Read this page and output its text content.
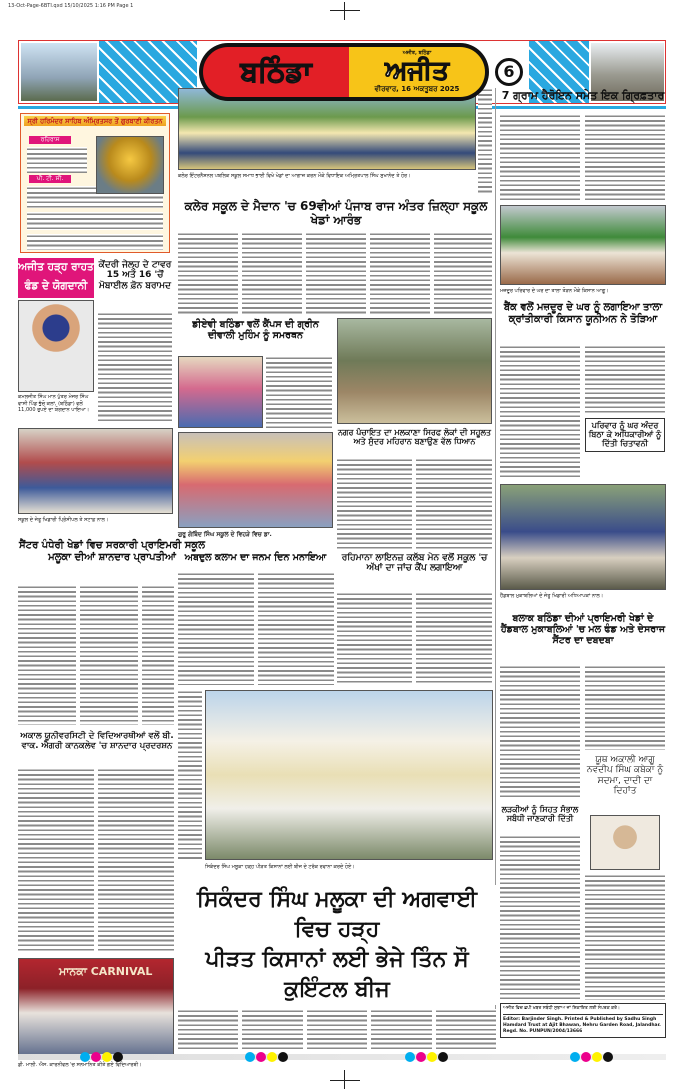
13-Oct-Page-6BTI.qxd 15/10/2025 1:16 PM Page 1
ਬਠਿੰਡਾ
ਅਜੀਤ, ਬਠਿੰਡਾ
ਅਜੀਤ
ਵੀਰਵਾਰ, 16 ਅਕਤੂਬਰ 2025
6
ਸ੍ਰੀ ਹਰਿਮੰਦਰ ਸਾਹਿਬ ਅੰਮ੍ਰਿਤਸਰ ਤੋਂ ਗੁਰਬਾਣੀ ਕੀਰਤਨ
ਰਹਿਰਾਸ
ਪੀ. ਟੀ. ਸੀ.
ਅਜੀਤ ਹੜ੍ਹ ਰਾਹਤ
ਫੰਡ ਦੇ ਯੋਗਦਾਨੀ
ਕਮਲਜੀਤ ਸਿੰਘ ਮਾਨ ਪੁੱਤਰ ਮੇਜਰ ਸਿੰਘ ਵਾਸੀ ਪਿੰਡ ਭੁੱਚੋ ਕਲਾਂ, (ਬਠਿੰਡਾ) ਵਲੋਂ 11,000 ਰੁਪਏ ਦਾ ਯੋਗਦਾਨ ਪਾਇਆ।
ਕੇਂਦਰੀ ਜੇਲ੍ਹ ਦੇ ਟਾਵਰ
15 ਅਤੇ 16 'ਚੋਂ
ਮੋਬਾਈਲ ਫ਼ੋਨ ਬਰਾਮਦ
ਸਕੂਲ ਦੇ ਜੇਤੂ ਖਿਡਾਰੀ ਪ੍ਰਿੰਸੀਪਲ ਤੇ ਸਟਾਫ਼ ਨਾਲ।
ਸੈਂਟਰ ਪੰਧੇਰੀ ਖੇਡਾਂ ਵਿਚ ਸਰਕਾਰੀ ਪ੍ਰਾਇਮਰੀ ਸਕੂਲ ਮਲੂਕਾ ਦੀਆਂ ਸ਼ਾਨਦਾਰ ਪ੍ਰਾਪਤੀਆਂ
ਅਕਾਲ ਯੂਨੀਵਰਸਿਟੀ ਦੇ ਵਿਦਿਆਰਥੀਆਂ ਵਲੋਂ ਬੀ. ਵਾਕ. ਐਗਰੀ ਕਾਨਕਲੇਵ 'ਚ ਸ਼ਾਨਦਾਰ ਪ੍ਰਦਰਸ਼ਨ
ਮਾਨਕਾ CARNIVAL
ਡੀ. ਮਾਲੀ. ਐਸ. ਕਾਰਨੀਵਲ 'ਚ ਸਨਮਾਨਿਤ ਕੀਤੇ ਗਏ ਵਿਦਿਆਰਥੀ।
ਕਲੇਰ ਇੰਟਰਨੈਸ਼ਨਲ ਪਬਲਿਕ ਸਕੂਲ ਸਮਾਧ ਭਾਈ ਵਿਖੇ ਖੇਡਾਂ ਦਾ ਆਗਾਜ਼ ਕਰਨ ਮੌਕੇ ਵਿਧਾਇਕ ਅਮ੍ਰਿਤਪਾਲ ਸਿੰਘ ਸੁਖਾਨੰਦ ਤੇ ਹੋਰ।
ਕਲੇਰ ਸਕੂਲ ਦੇ ਮੈਦਾਨ 'ਚ 69ਵੀਆਂ ਪੰਜਾਬ ਰਾਜ ਅੰਤਰ ਜ਼ਿਲ੍ਹਾ ਸਕੂਲ ਖੇਡਾਂ ਆਰੰਭ
ਡੀਏਵੀ ਬਠਿੰਡਾ ਵਲੋਂ ਕੈਂਪਸ ਦੀ ਗ੍ਰੀਨ ਦੀਵਾਲੀ ਮੁਹਿੰਮ ਨੂੰ ਸਮਰਥਨ
ਨਗਰ ਪੰਚਾਇਤ ਦਾ ਮਲਕਾਣਾ ਸਿਰਫ ਲੋਕਾਂ ਦੀ ਸਹੂਲਤ ਅਤੇ ਸੁੰਦਰ ਮਹਿਰਾਨ ਬਣਾਉਣ ਵੱਲ ਧਿਆਨ
ਗੁਰੂ ਗੋਬਿੰਦ ਸਿੰਘ ਸਕੂਲ ਦੇ ਵਿਹੜੇ ਵਿਚ ਡਾ.
ਅਬਦੁਲ ਕਲਾਮ ਦਾ ਜਨਮ ਦਿਨ ਮਨਾਇਆ	ਰਹਿਮਾਨਾ ਲਾਇਨਜ਼ ਕਲੱਬ ਮੇਨ ਵਲੋਂ ਸਕੂਲ 'ਚ ਅੱਖਾਂ ਦਾ ਜਾਂਚ ਕੈਂਪ ਲਗਾਇਆ
ਸਿਕੰਦਰ ਸਿੰਘ ਮਲੂਕਾ ਹੜ੍ਹ ਪੀੜਤ ਕਿਸਾਨਾਂ ਲਈ ਬੀਜ ਦੇ ਟਰੱਕ ਰਵਾਨਾ ਕਰਦੇ ਹੋਏ।
ਸਿਕੰਦਰ ਸਿੰਘ ਮਲੂਕਾ ਦੀ ਅਗਵਾਈ ਵਿਚ ਹੜ੍ਹ
ਪੀੜਤ ਕਿਸਾਨਾਂ ਲਈ ਭੇਜੇ ਤਿੰਨ ਸੌ ਕੁਇੰਟਲ ਬੀਜ
7 ਗ੍ਰਾਮ ਹੈਰੋਇਨ ਸਮੇਤ ਇਕ ਗ੍ਰਿਫ਼ਤਾਰ
ਮਜ਼ਦੂਰ ਪਰਿਵਾਰ ਦੇ ਘਰ ਦਾ ਤਾਲਾ ਤੋੜਨ ਮੌਕੇ ਕਿਸਾਨ ਆਗੂ।
ਬੈਂਕ ਵਲੋਂ ਮਜ਼ਦੂਰ ਦੇ ਘਰ ਨੂੰ ਲਗਾਇਆ ਤਾਲਾ ਕ੍ਰਾਂਤੀਕਾਰੀ ਕਿਸਾਨ ਯੂਨੀਅਨ ਨੇ ਤੋੜਿਆ
ਪਰਿਵਾਰ ਨੂੰ ਘਰ ਅੰਦਰ ਬਿਠਾ ਕੇ ਅਧਿਕਾਰੀਆਂ ਨੂੰ ਦਿੱਤੀ ਚਿਤਾਵਨੀ
ਹੈਂਡਬਾਲ ਮੁਕਾਬਲਿਆਂ ਦੇ ਜੇਤੂ ਖਿਡਾਰੀ ਅਧਿਆਪਕਾਂ ਨਾਲ।
ਬਲਾਕ ਬਠਿੰਡਾ ਦੀਆਂ ਪ੍ਰਾਇਮਰੀ ਖੇਡਾਂ ਦੇ ਹੈਂਡਬਾਲ ਮੁਕਾਬਲਿਆਂ 'ਚ ਮਲ ਫੰਡ ਅਤੇ ਦੇਸਰਾਜ ਸੈਂਟਰ ਦਾ ਦਬਦਬਾ
ਯੂਥ ਅਕਾਲੀ ਆਗੂ ਨਵਦੀਪ ਸਿੰਘ ਕਬੇਕਾ ਨੂੰ ਸਦਮਾ, ਦਾਦੀ ਦਾ ਦਿਹਾਂਤ
ਲੜਕੀਆਂ ਨੂੰ ਸਿਹਤ ਸੰਭਾਲ ਸਬੰਧੀ ਜਾਣਕਾਰੀ ਦਿੱਤੀ
ਅਜੀਤ ਵਿਚ ਛਪੀ ਖ਼ਬਰ ਸਬੰਧੀ ਸੁਝਾਅ ਜਾਂ ਸ਼ਿਕਾਇਤ ਲਈ ਸੰਪਰਕ ਕਰੋ।
Editor: Barjinder Singh. Printed & Published by Sadhu Singh Hamdard Trust at Ajit Bhawan, Nehru Garden Road, Jalandhar. Regd. No. PUNPUN/2004/13666
